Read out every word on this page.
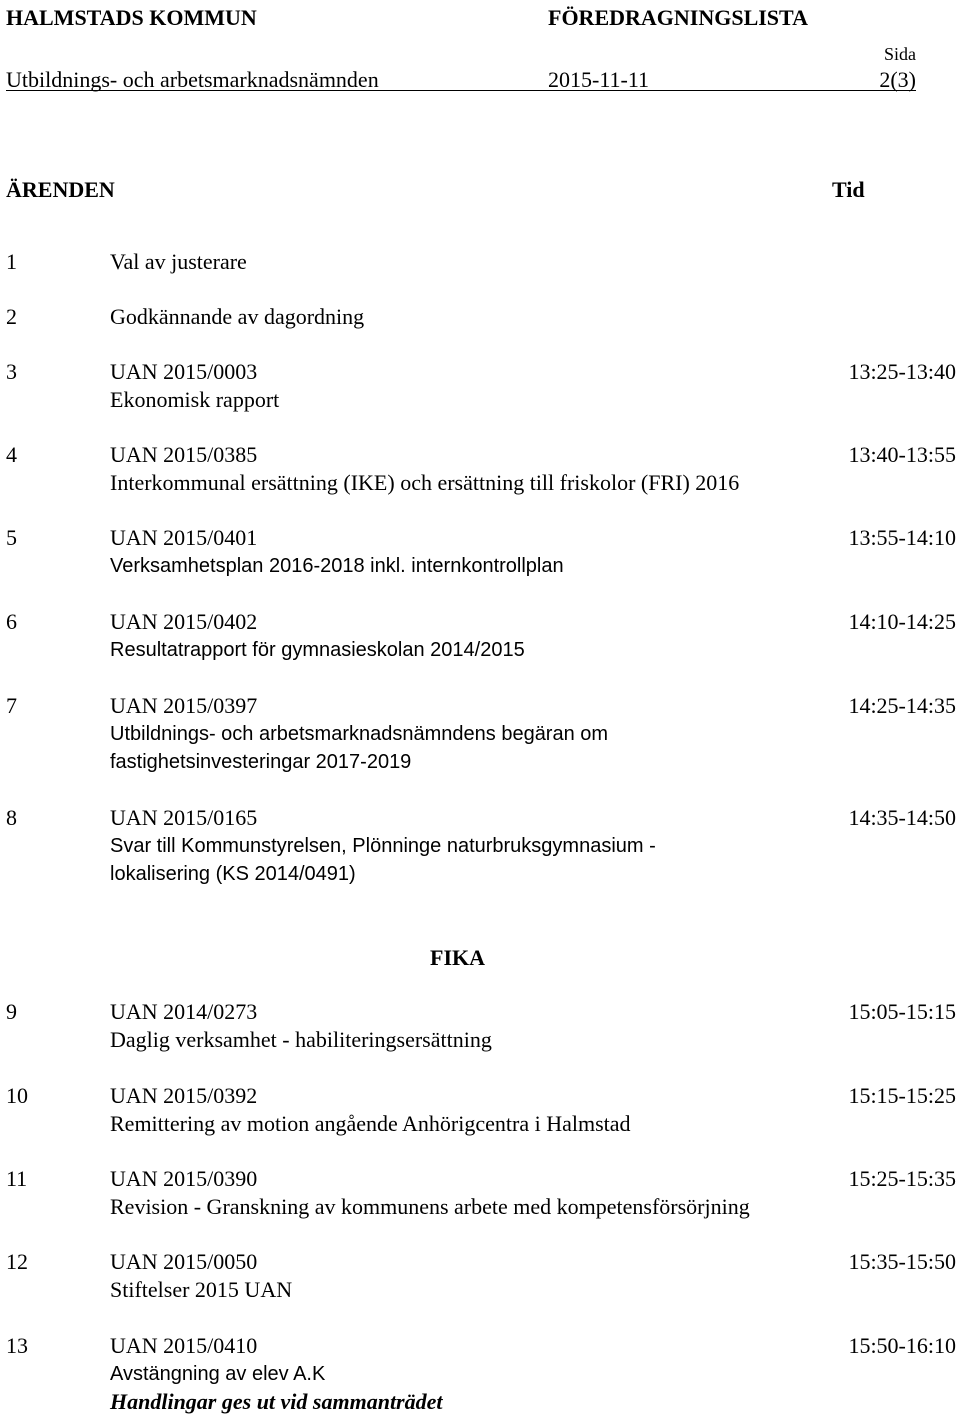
HALMSTADS KOMMUN	FÖREDRAGNINGSLISTA
Sida
Utbildnings- och arbetsmarknadsnämnden	2015-11-11	2(3)
ÄRENDEN	Tid
1	Val av justerare
2	Godkännande av dagordning
3	UAN 2015/0003
Ekonomisk rapport
13:25-13:40
4	UAN 2015/0385
Interkommunal ersättning (IKE) och ersättning till friskolor (FRI) 2016
13:40-13:55
5	UAN 2015/0401
Verksamhetsplan 2016-2018 inkl. internkontrollplan
13:55-14:10
6	UAN 2015/0402
Resultatrapport för gymnasieskolan 2014/2015
14:10-14:25
7	UAN 2015/0397
Utbildnings- och arbetsmarknadsnämndens begäran om
fastighetsinvesteringar 2017-2019
14:25-14:35
8	UAN 2015/0165
Svar till Kommunstyrelsen, Plönninge naturbruksgymnasium -
lokalisering (KS 2014/0491)
14:35-14:50
9	UAN 2014/0273
Daglig verksamhet - habiliteringsersättning
15:05-15:15
10	UAN 2015/0392
Remittering av motion angående Anhörigcentra i Halmstad
15:15-15:25
11	UAN 2015/0390
Revision - Granskning av kommunens arbete med kompetensförsörjning
15:25-15:35
12	UAN 2015/0050
Stiftelser 2015 UAN
15:35-15:50
13	UAN 2015/0410
Avstängning av elev A.K
Handlingar ges ut vid sammanträdet
15:50-16:10
FIKA
